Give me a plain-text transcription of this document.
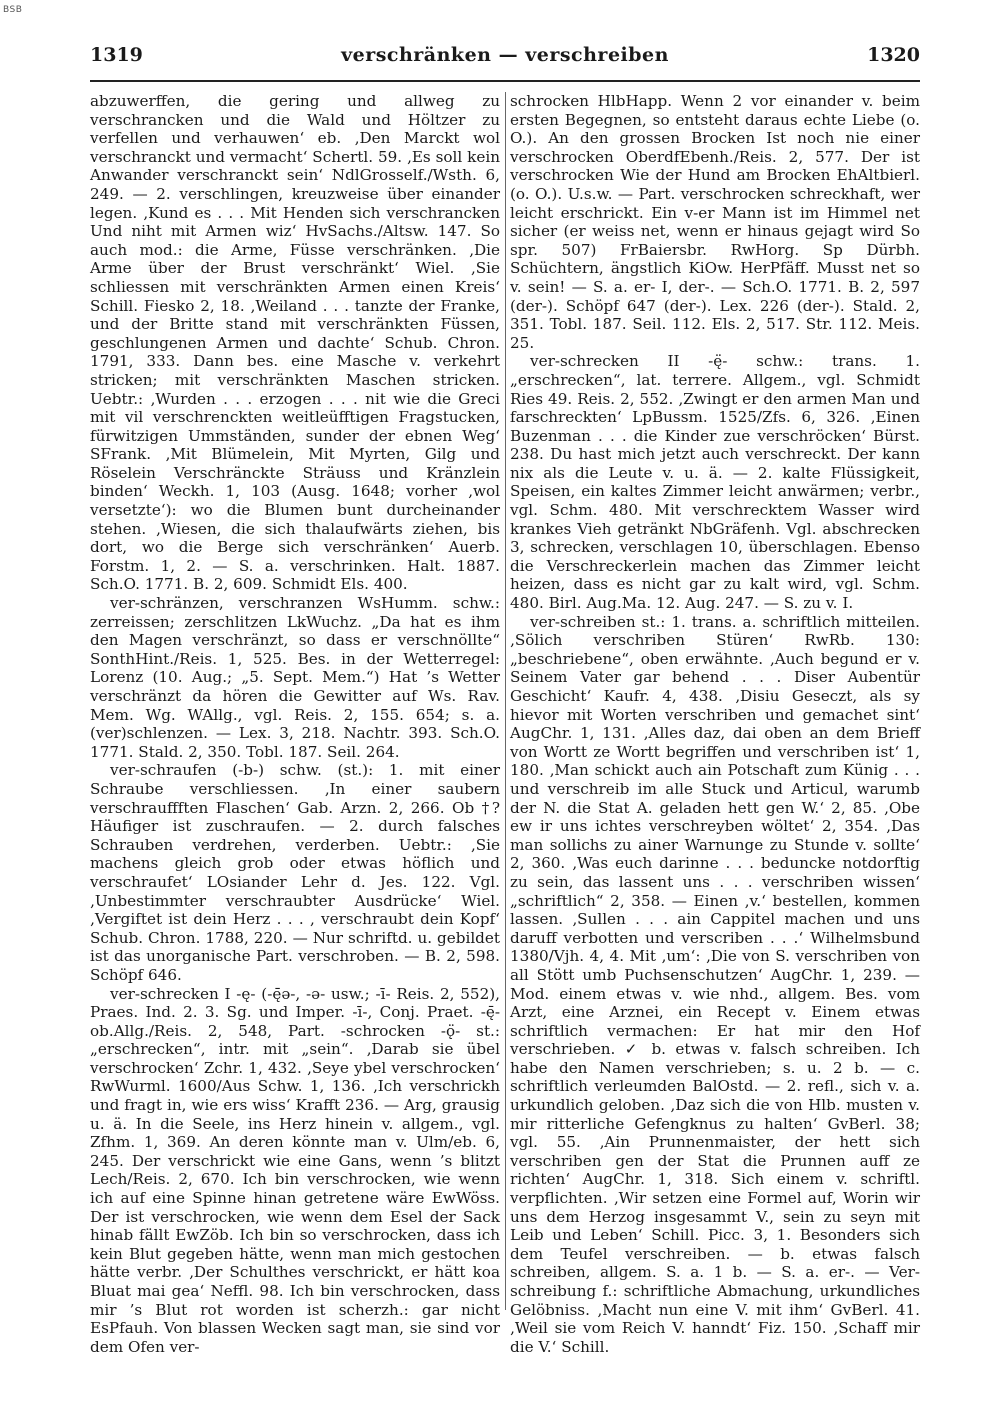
BSB
1319	verschränken — verschreiben	1320

abzuwerffen, die gering und allweg zu verschrancken und die Wald und Höltzer zu verfellen und verhauwen‘ eb. ‚Den Marckt wol verschranckt und vermacht‘ Schertl. 59. ‚Es soll kein Anwander verschranckt sein‘ NdlGrosself./Wsth. 6, 249. — 2. verschlingen, kreuzweise über einander legen. ‚Kund es . . . Mit Henden sich verschrancken Und niht mit Armen wiz‘ HvSachs./Altsw. 147. So auch mod.: die Arme, Füsse verschränken. ‚Die Arme über der Brust verschränkt‘ Wiel. ‚Sie schliessen mit verschränkten Armen einen Kreis‘ Schill. Fiesko 2, 18. ‚Weiland . . . tanzte der Franke, und der Britte stand mit verschränkten Füssen, geschlungenen Armen und dachte‘ Schub. Chron. 1791, 333. Dann bes. eine Masche v. verkehrt stricken; mit verschränkten Maschen stricken. Uebtr.: ‚Wurden . . . erzogen . . . nit wie die Greci mit vil verschrenckten weitleüfftigen Fragstucken, fürwitzigen Ummständen, sunder der ebnen Weg‘ SFrank. ‚Mit Blümelein, Mit Myrten, Gilg und Röselein Verschränckte Sträuss und Kränzlein binden‘ Weckh. 1, 103 (Ausg. 1648; vorher ‚wol versetzte‘): wo die Blumen bunt durcheinander stehen. ‚Wiesen, die sich thalaufwärts ziehen, bis dort, wo die Berge sich verschränken‘ Auerb. Forstm. 1, 2. — S. a. verschrinken. Halt. 1887. Sch.O. 1771. B. 2, 609. Schmidt Els. 400.

ver-schränzen, verschranzen WsHumm. schw.: zerreissen; zerschlitzen LkWuchz. „Da hat es ihm den Magen verschränzt, so dass er verschnöllte“ SonthHint./Reis. 1, 525. Bes. in der Wetterregel: Lorenz (10. Aug.; „5. Sept. Mem.“) Hat ’s Wetter verschränzt da hören die Gewitter auf Ws. Rav. Mem. Wg. WAllg., vgl. Reis. 2, 155. 654; s. a. (ver)schlenzen. — Lex. 3, 218. Nachtr. 393. Sch.O. 1771. Stald. 2, 350. Tobl. 187. Seil. 264.

ver-schraufen (-b-) schw. (st.): 1. mit einer Schraube verschliessen. ‚In einer saubern verschrauffften Flaschen‘ Gab. Arzn. 2, 266. Ob †? Häufiger ist zuschraufen. — 2. durch falsches Schrauben verdrehen, verderben. Uebtr.: ‚Sie machens gleich grob oder etwas höflich und verschraufet‘ LOsiander Lehr d. Jes. 122. Vgl. ‚Unbestimmter verschraubter Ausdrücke‘ Wiel. ‚Vergiftet ist dein Herz . . . , verschraubt dein Kopf‘ Schub. Chron. 1788, 220. — Nur schriftd. u. gebildet ist das unorganische Part. verschroben. — B. 2, 598. Schöpf 646.

ver-schrecken I -ę- (-ę̄ə-, -ə- usw.; -ī- Reis. 2, 552), Praes. Ind. 2. 3. Sg. und Imper. -ī-, Conj. Praet. -ę̄- ob.Allg./Reis. 2, 548, Part. -schrocken -ǫ̈- st.: „erschrecken“, intr. mit „sein“. ‚Darab sie übel verschrocken‘ Zchr. 1, 432. ‚Seye ybel verschrocken‘ RwWurml. 1600/Aus Schw. 1, 136. ‚Ich verschrickh und fragt in, wie ers wiss‘ Krafft 236. — Arg, grausig u. ä. In die Seele, ins Herz hinein v. allgem., vgl. Zfhm. 1, 369. An deren könnte man v. Ulm/eb. 6, 245. Der verschrickt wie eine Gans, wenn ’s blitzt Lech/Reis. 2, 670. Ich bin verschrocken, wie wenn ich auf eine Spinne hinan getretene wäre EwWöss. Der ist verschrocken, wie wenn dem Esel der Sack hinab fällt EwZöb. Ich bin so verschrocken, dass ich kein Blut gegeben hätte, wenn man mich gestochen hätte verbr. ‚Der Schulthes verschrickt, er hätt koa Bluat mai gea‘ Neffl. 98. Ich bin verschrocken, dass mir ’s Blut rot worden ist scherzh.: gar nicht EsPfauh. Von blassen Wecken sagt man, sie sind vor dem Ofen ver-

schrocken HlbHapp. Wenn 2 vor einander v. beim ersten Begegnen, so entsteht daraus echte Liebe (o. O.). An den grossen Brocken Ist noch nie einer verschrocken OberdfEbenh./Reis. 2, 577. Der ist verschrocken Wie der Hund am Brocken EhAltbierl. (o. O.). U.s.w. — Part. verschrocken schreckhaft, wer leicht erschrickt. Ein v-er Mann ist im Himmel net sicher (er weiss net, wenn er hinaus gejagt wird So spr. 507) FrBaiersbr. RwHorg. Sp Dürbh. Schüchtern, ängstlich KiOw. HerPfäff. Musst net so v. sein! — S. a. er- I, der-. — Sch.O. 1771. B. 2, 597 (der-). Schöpf 647 (der-). Lex. 226 (der-). Stald. 2, 351. Tobl. 187. Seil. 112. Els. 2, 517. Str. 112. Meis. 25.

ver-schrecken II -ę̈- schw.: trans. 1. „erschrecken“, lat. terrere. Allgem., vgl. Schmidt Ries 49. Reis. 2, 552. ‚Zwingt er den armen Man und farschreckten‘ LpBussm. 1525/Zfs. 6, 326. ‚Einen Buzenman . . . die Kinder zue verschröcken‘ Bürst. 238. Du hast mich jetzt auch verschreckt. Der kann nix als die Leute v. u. ä. — 2. kalte Flüssigkeit, Speisen, ein kaltes Zimmer leicht anwärmen; verbr., vgl. Schm. 480. Mit verschrecktem Wasser wird krankes Vieh getränkt NbGräfenh. Vgl. abschrecken 3, schrecken, verschlagen 10, überschlagen. Ebenso die Verschreckerlein machen das Zimmer leicht heizen, dass es nicht gar zu kalt wird, vgl. Schm. 480. Birl. Aug.Ma. 12. Aug. 247. — S. zu v. I.

ver-schreiben st.: 1. trans. a. schriftlich mitteilen. ‚Sölich verschriben Stüren‘ RwRb. 130: „beschriebene“, oben erwähnte. ‚Auch begund er v. Seinem Vater gar behend . . . Diser Aubentür Geschicht‘ Kaufr. 4, 438. ‚Disiu Geseczt, als sy hievor mit Worten verschriben und gemachet sint‘ AugChr. 1, 131. ‚Alles daz, dai oben an dem Brieff von Wortt ze Wortt begriffen und verschriben ist‘ 1, 180. ‚Man schickt auch ain Potschaft zum Künig . . . und verschreib im alle Stuck und Articul, warumb der N. die Stat A. geladen hett gen W.‘ 2, 85. ‚Obe ew ir uns ichtes verschreyben wöltet‘ 2, 354. ‚Das man sollichs zu ainer Warnunge zu Stunde v. sollte‘ 2, 360. ‚Was euch darinne . . . beduncke notdorftig zu sein, das lassent uns . . . verschriben wissen‘ „schriftlich“ 2, 358. — Einen ‚v.‘ bestellen, kommen lassen. ‚Sullen . . . ain Cappitel machen und uns daruff verbotten und verscriben . . .‘ Wilhelmsbund 1380/Vjh. 4, 4. Mit ‚um‘: ‚Die von S. verschriben von all Stött umb Puchsenschutzen‘ AugChr. 1, 239. — Mod. einem etwas v. wie nhd., allgem. Bes. vom Arzt, eine Arznei, ein Recept v. Einem etwas schriftlich vermachen: Er hat mir den Hof verschrieben. ✓ b. etwas v. falsch schreiben. Ich habe den Namen verschrieben; s. u. 2 b. — c. schriftlich verleumden BalOstd. — 2. refl., sich v. a. urkundlich geloben. ‚Daz sich die von Hlb. musten v. mir ritterliche Gefengknus zu halten‘ GvBerl. 38; vgl. 55. ‚Ain Prunnenmaister, der hett sich verschriben gen der Stat die Prunnen auff ze richten‘ AugChr. 1, 318. Sich einem v. schriftl. verpflichten. ‚Wir setzen eine Formel auf, Worin wir uns dem Herzog insgesammt V., sein zu seyn mit Leib und Leben‘ Schill. Picc. 3, 1. Besonders sich dem Teufel verschreiben. — b. etwas falsch schreiben, allgem. S. a. 1 b. — S. a. er-. — Ver-schreibung f.: schriftliche Abmachung, urkundliches Gelöbniss. ‚Macht nun eine V. mit ihm‘ GvBerl. 41. ‚Weil sie vom Reich V. hanndt‘ Fiz. 150. ‚Schaff mir die V.‘ Schill.
